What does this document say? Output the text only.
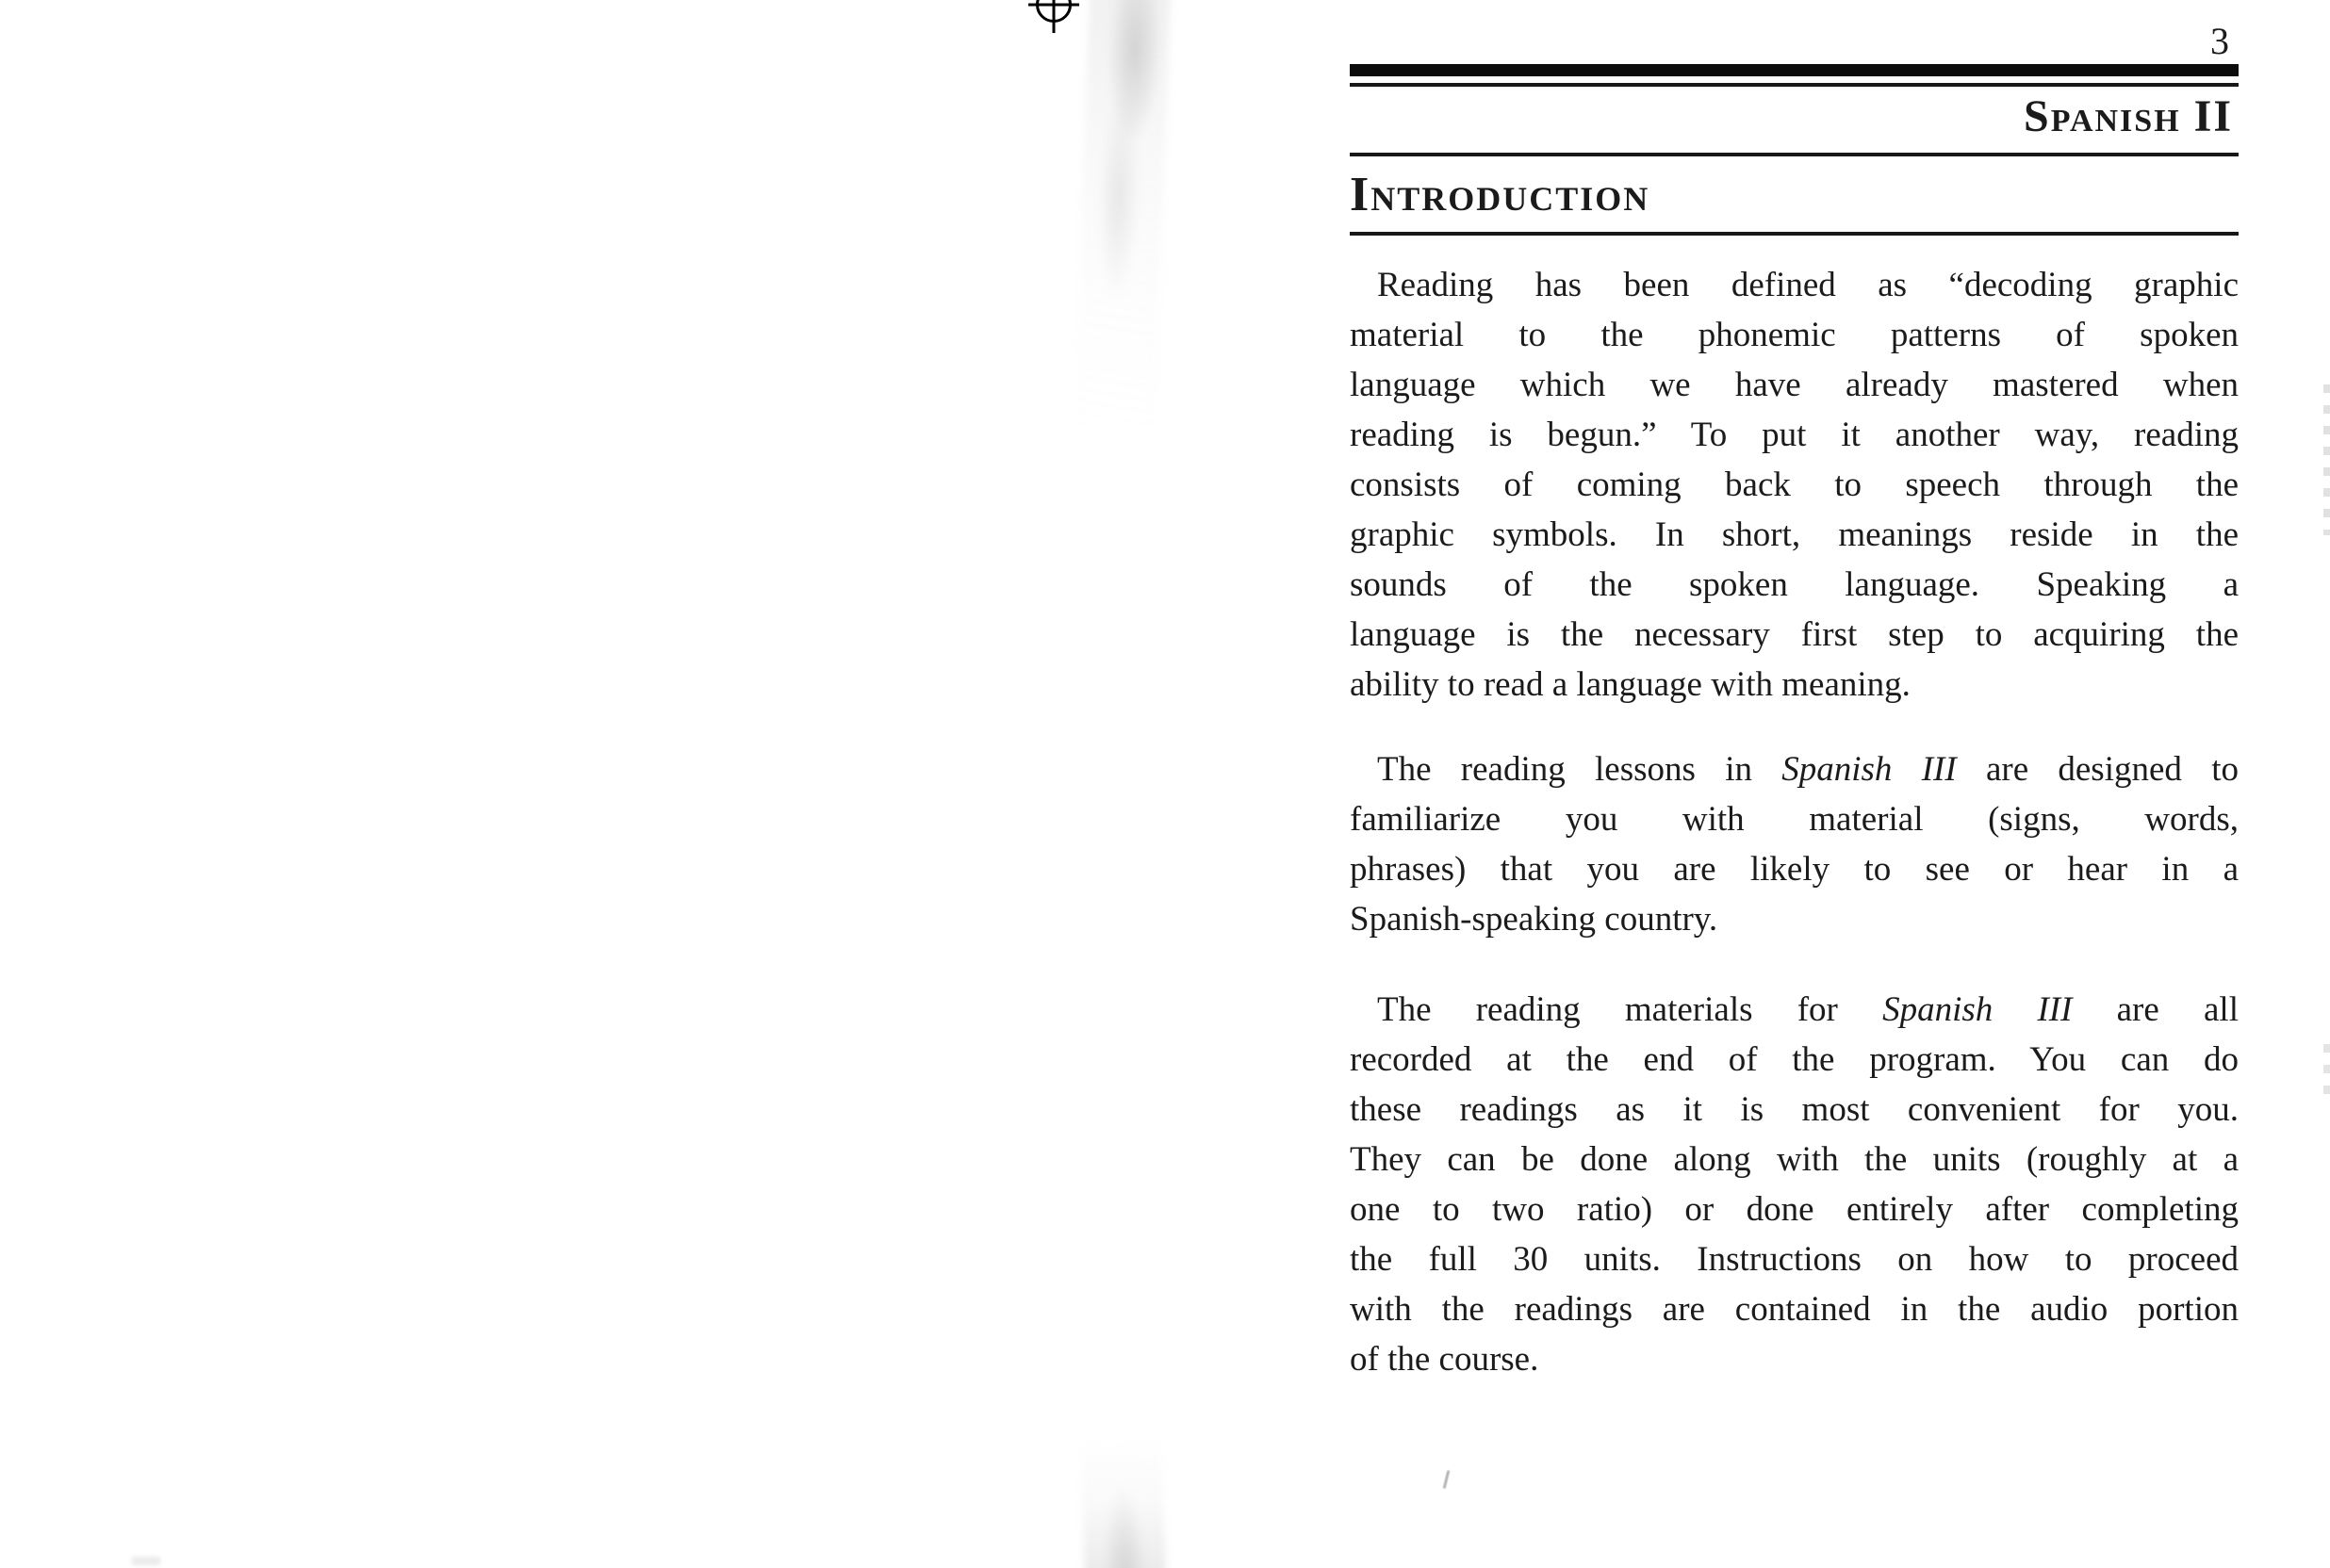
3
Spanish II
Introduction
Reading has been defined as “decoding graphic
material to the phonemic patterns of spoken
language which we have already mastered when
reading is begun.” To put it another way, reading
consists of coming back to speech through the
graphic symbols. In short, meanings reside in the
sounds of the spoken language. Speaking a
language is the necessary first step to acquiring the
ability to read a language with meaning.
The reading lessons in Spanish III are designed to
familiarize you with material (signs, words,
phrases) that you are likely to see or hear in a
Spanish-speaking country.
The reading materials for Spanish III are all
recorded at the end of the program. You can do
these readings as it is most convenient for you.
They can be done along with the units (roughly at a
one to two ratio) or done entirely after completing
the full 30 units. Instructions on how to proceed
with the readings are contained in the audio portion
of the course.
